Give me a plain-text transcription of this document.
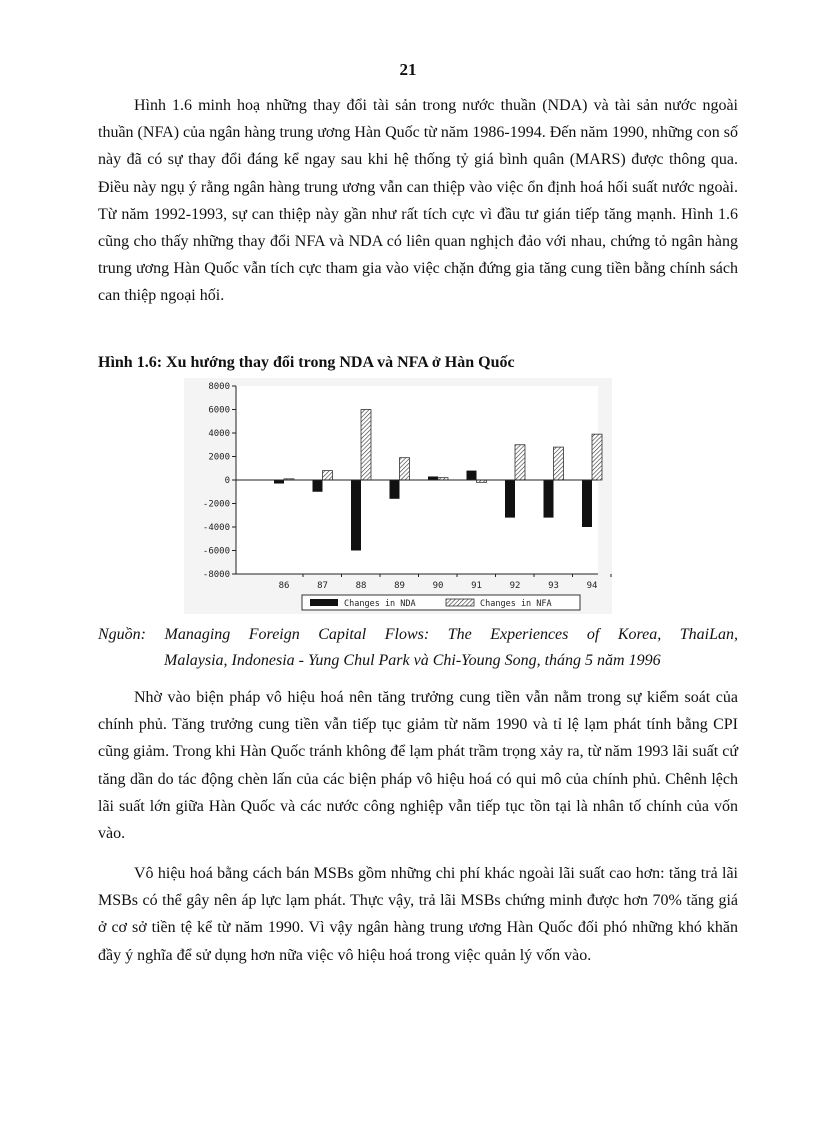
21

Hình 1.6 minh hoạ những thay đổi tài sản trong nước thuần (NDA) và tài sản nước ngoài thuần (NFA) của ngân hàng trung ương Hàn Quốc từ năm 1986-1994. Đến năm 1990, những con số này đã có sự thay đổi đáng kể ngay sau khi hệ thống tỷ giá bình quân (MARS) được thông qua. Điều này ngụ ý rằng ngân hàng trung ương vẫn can thiệp vào việc ổn định hoá hối suất nước ngoài. Từ năm 1992-1993, sự can thiệp này gần như rất tích cực vì đầu tư gián tiếp tăng mạnh. Hình 1.6 cũng cho thấy những thay đổi NFA và NDA có liên quan nghịch đảo với nhau, chứng tỏ ngân hàng trung ương Hàn Quốc vẫn tích cực tham gia vào việc chặn đứng gia tăng cung tiền bằng chính sách can thiệp ngoại hối.

Hình 1.6: Xu hướng thay đổi trong NDA và NFA ở Hàn Quốc
8000
6000
4000
2000
0
-2000
-4000
-6000
-8000
86	87	88	89	90	91	92	93	94
Changes in NDA	Changes in NFA
Nguồn: Managing Foreign Capital Flows: The Experiences of Korea, ThaiLan,
Malaysia, Indonesia - Yung Chul Park và Chi-Young Song, tháng 5 năm 1996

Nhờ vào biện pháp vô hiệu hoá nên tăng trưởng cung tiền vẫn nằm trong sự kiểm soát của chính phủ. Tăng trưởng cung tiền vẫn tiếp tục giảm từ năm 1990 và tỉ lệ lạm phát tính bằng CPI cũng giảm. Trong khi Hàn Quốc tránh không để lạm phát trầm trọng xảy ra, từ năm 1993 lãi suất cứ tăng dần do tác động chèn lấn của các biện pháp vô hiệu hoá có qui mô của chính phủ. Chênh lệch lãi suất lớn giữa Hàn Quốc và các nước công nghiệp vẫn tiếp tục tồn tại là nhân tố chính của vốn vào.

Vô hiệu hoá bằng cách bán MSBs gồm những chi phí khác ngoài lãi suất cao hơn: tăng trả lãi MSBs có thể gây nên áp lực lạm phát. Thực vậy, trả lãi MSBs chứng minh được hơn 70% tăng giá ở cơ sở tiền tệ kể từ năm 1990. Vì vậy ngân hàng trung ương Hàn Quốc đối phó những khó khăn đầy ý nghĩa để sử dụng hơn nữa việc vô hiệu hoá trong việc quản lý vốn vào.
